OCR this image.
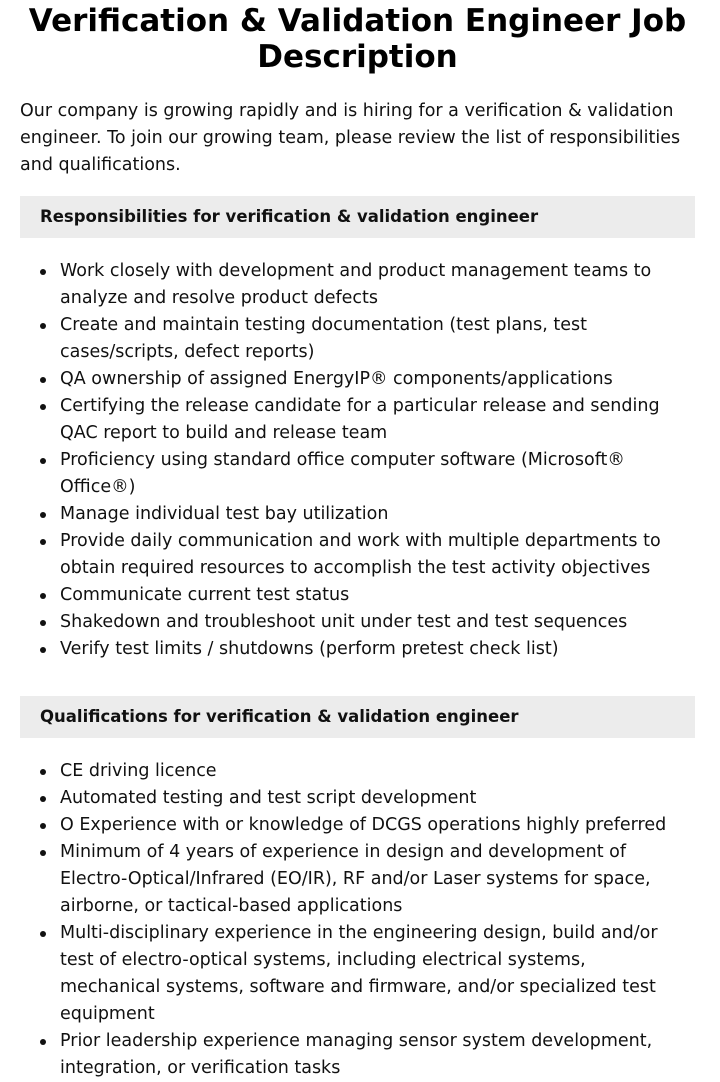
Verification & Validation Engineer Job Description

Our company is growing rapidly and is hiring for a verification & validation engineer. To join our growing team, please review the list of responsibilities and qualifications.

Responsibilities for verification & validation engineer
Work closely with development and product management teams to analyze and resolve product defects
Create and maintain testing documentation (test plans, test cases/scripts, defect reports)
QA ownership of assigned EnergyIP® components/applications
Certifying the release candidate for a particular release and sending QAC report to build and release team
Proficiency using standard office computer software (Microsoft® Office®)
Manage individual test bay utilization
Provide daily communication and work with multiple departments to obtain required resources to accomplish the test activity objectives
Communicate current test status
Shakedown and troubleshoot unit under test and test sequences
Verify test limits / shutdowns (perform pretest check list)
Qualifications for verification & validation engineer
CE driving licence
Automated testing and test script development
O Experience with or knowledge of DCGS operations highly preferred
Minimum of 4 years of experience in design and development of Electro-Optical/Infrared (EO/IR), RF and/or Laser systems for space, airborne, or tactical-based applications
Multi-disciplinary experience in the engineering design, build and/or test of electro-optical systems, including electrical systems, mechanical systems, software and firmware, and/or specialized test equipment
Prior leadership experience managing sensor system development, integration, or verification tasks
